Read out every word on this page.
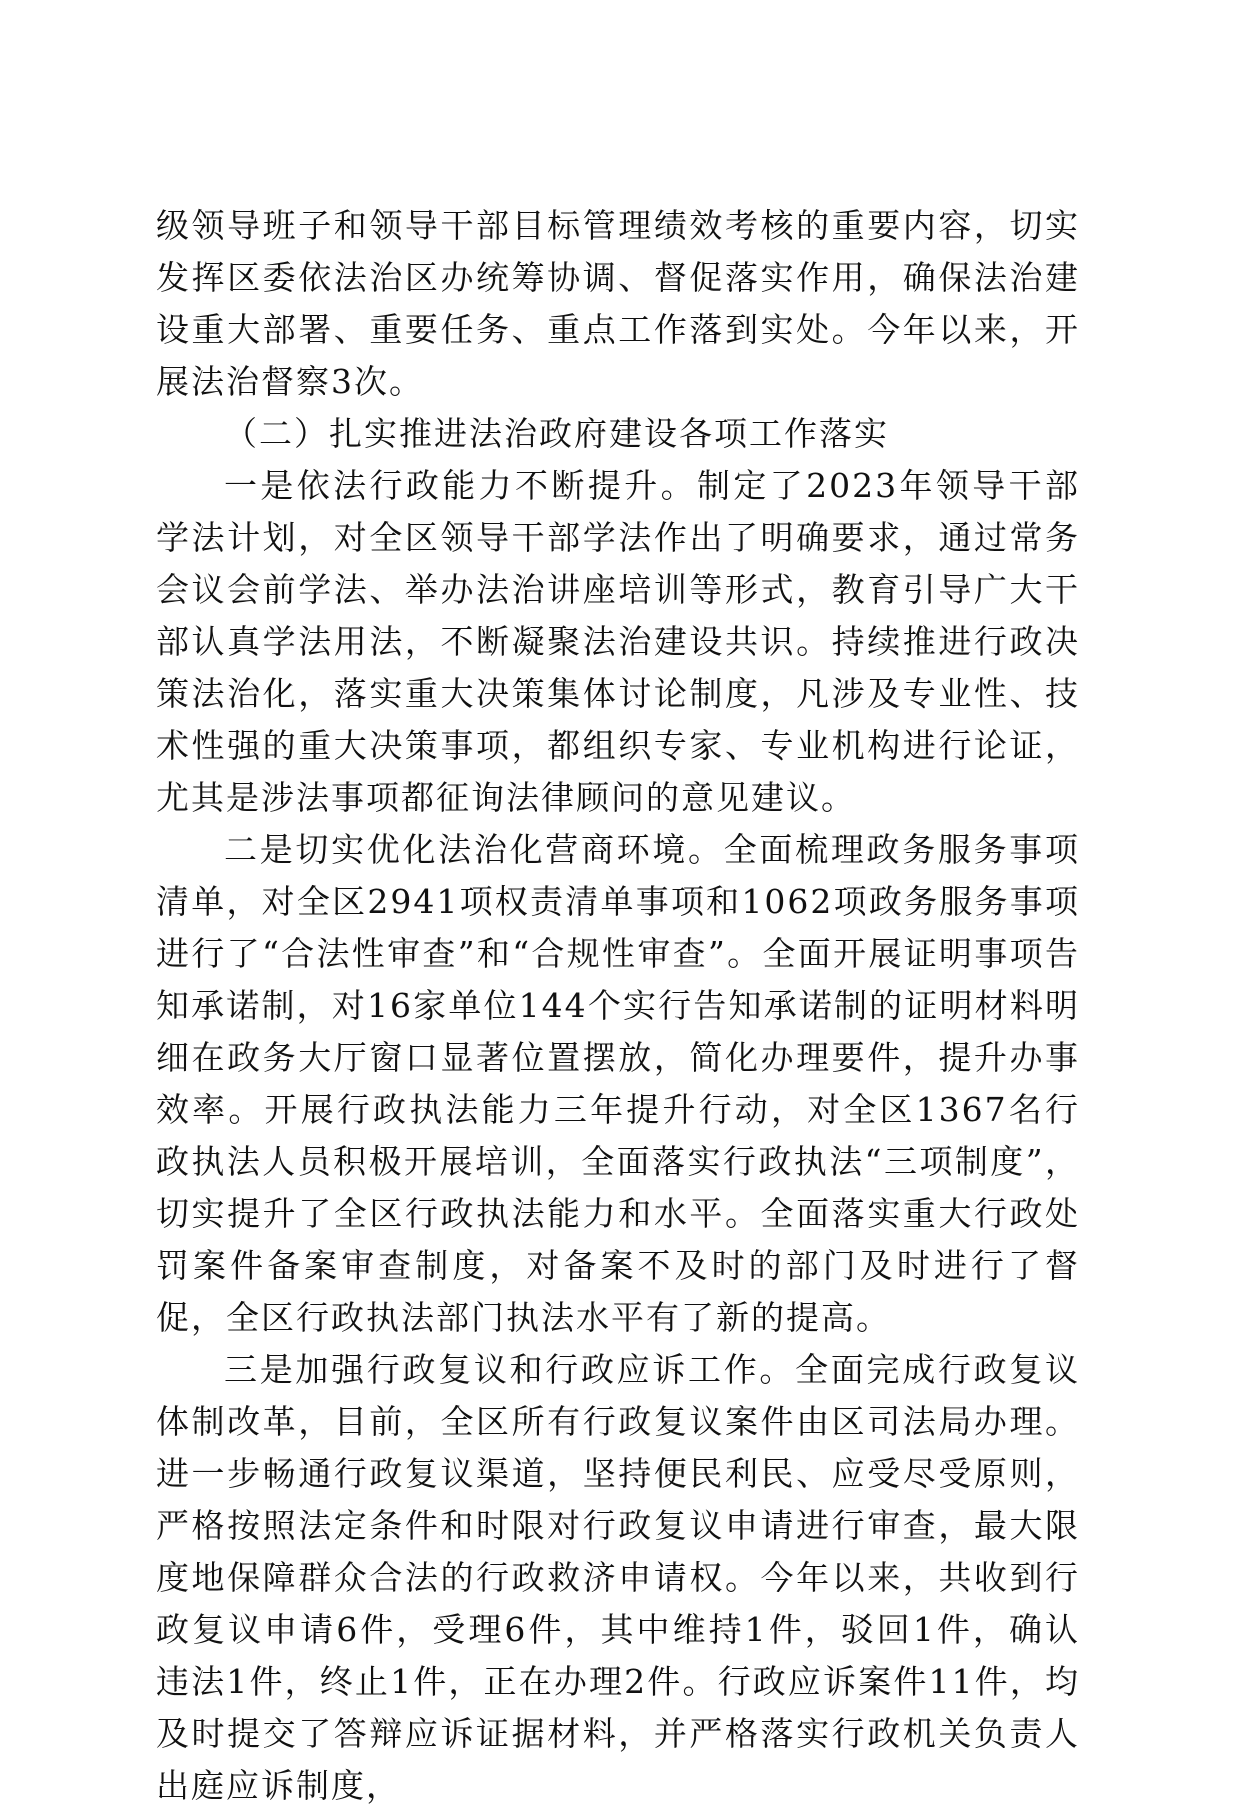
级领导班子和领导干部目标管理绩效考核的重要内容，切实发挥区委依法治区办统筹协调、督促落实作用，确保法治建设重大部署、重要任务、重点工作落到实处。今年以来，开展法治督察3次。

（二）扎实推进法治政府建设各项工作落实

一是依法行政能力不断提升。制定了2023年领导干部学法计划，对全区领导干部学法作出了明确要求，通过常务会议会前学法、举办法治讲座培训等形式，教育引导广大干部认真学法用法，不断凝聚法治建设共识。持续推进行政决策法治化，落实重大决策集体讨论制度，凡涉及专业性、技术性强的重大决策事项，都组织专家、专业机构进行论证，尤其是涉法事项都征询法律顾问的意见建议。

二是切实优化法治化营商环境。全面梳理政务服务事项清单，对全区2941项权责清单事项和1062项政务服务事项进行了“合法性审查”和“合规性审查”。全面开展证明事项告知承诺制，对16家单位144个实行告知承诺制的证明材料明细在政务大厅窗口显著位置摆放，简化办理要件，提升办事效率。开展行政执法能力三年提升行动，对全区1367名行政执法人员积极开展培训，全面落实行政执法“三项制度”，切实提升了全区行政执法能力和水平。全面落实重大行政处罚案件备案审查制度，对备案不及时的部门及时进行了督促，全区行政执法部门执法水平有了新的提高。

三是加强行政复议和行政应诉工作。全面完成行政复议体制改革，目前，全区所有行政复议案件由区司法局办理。进一步畅通行政复议渠道，坚持便民利民、应受尽受原则，严格按照法定条件和时限对行政复议申请进行审查，最大限度地保障群众合法的行政救济申请权。今年以来，共收到行政复议申请6件，受理6件，其中维持1件，驳回1件，确认违法1件，终止1件，正在办理2件。行政应诉案件11件，均及时提交了答辩应诉证据材料，并严格落实行政机关负责人出庭应诉制度，
